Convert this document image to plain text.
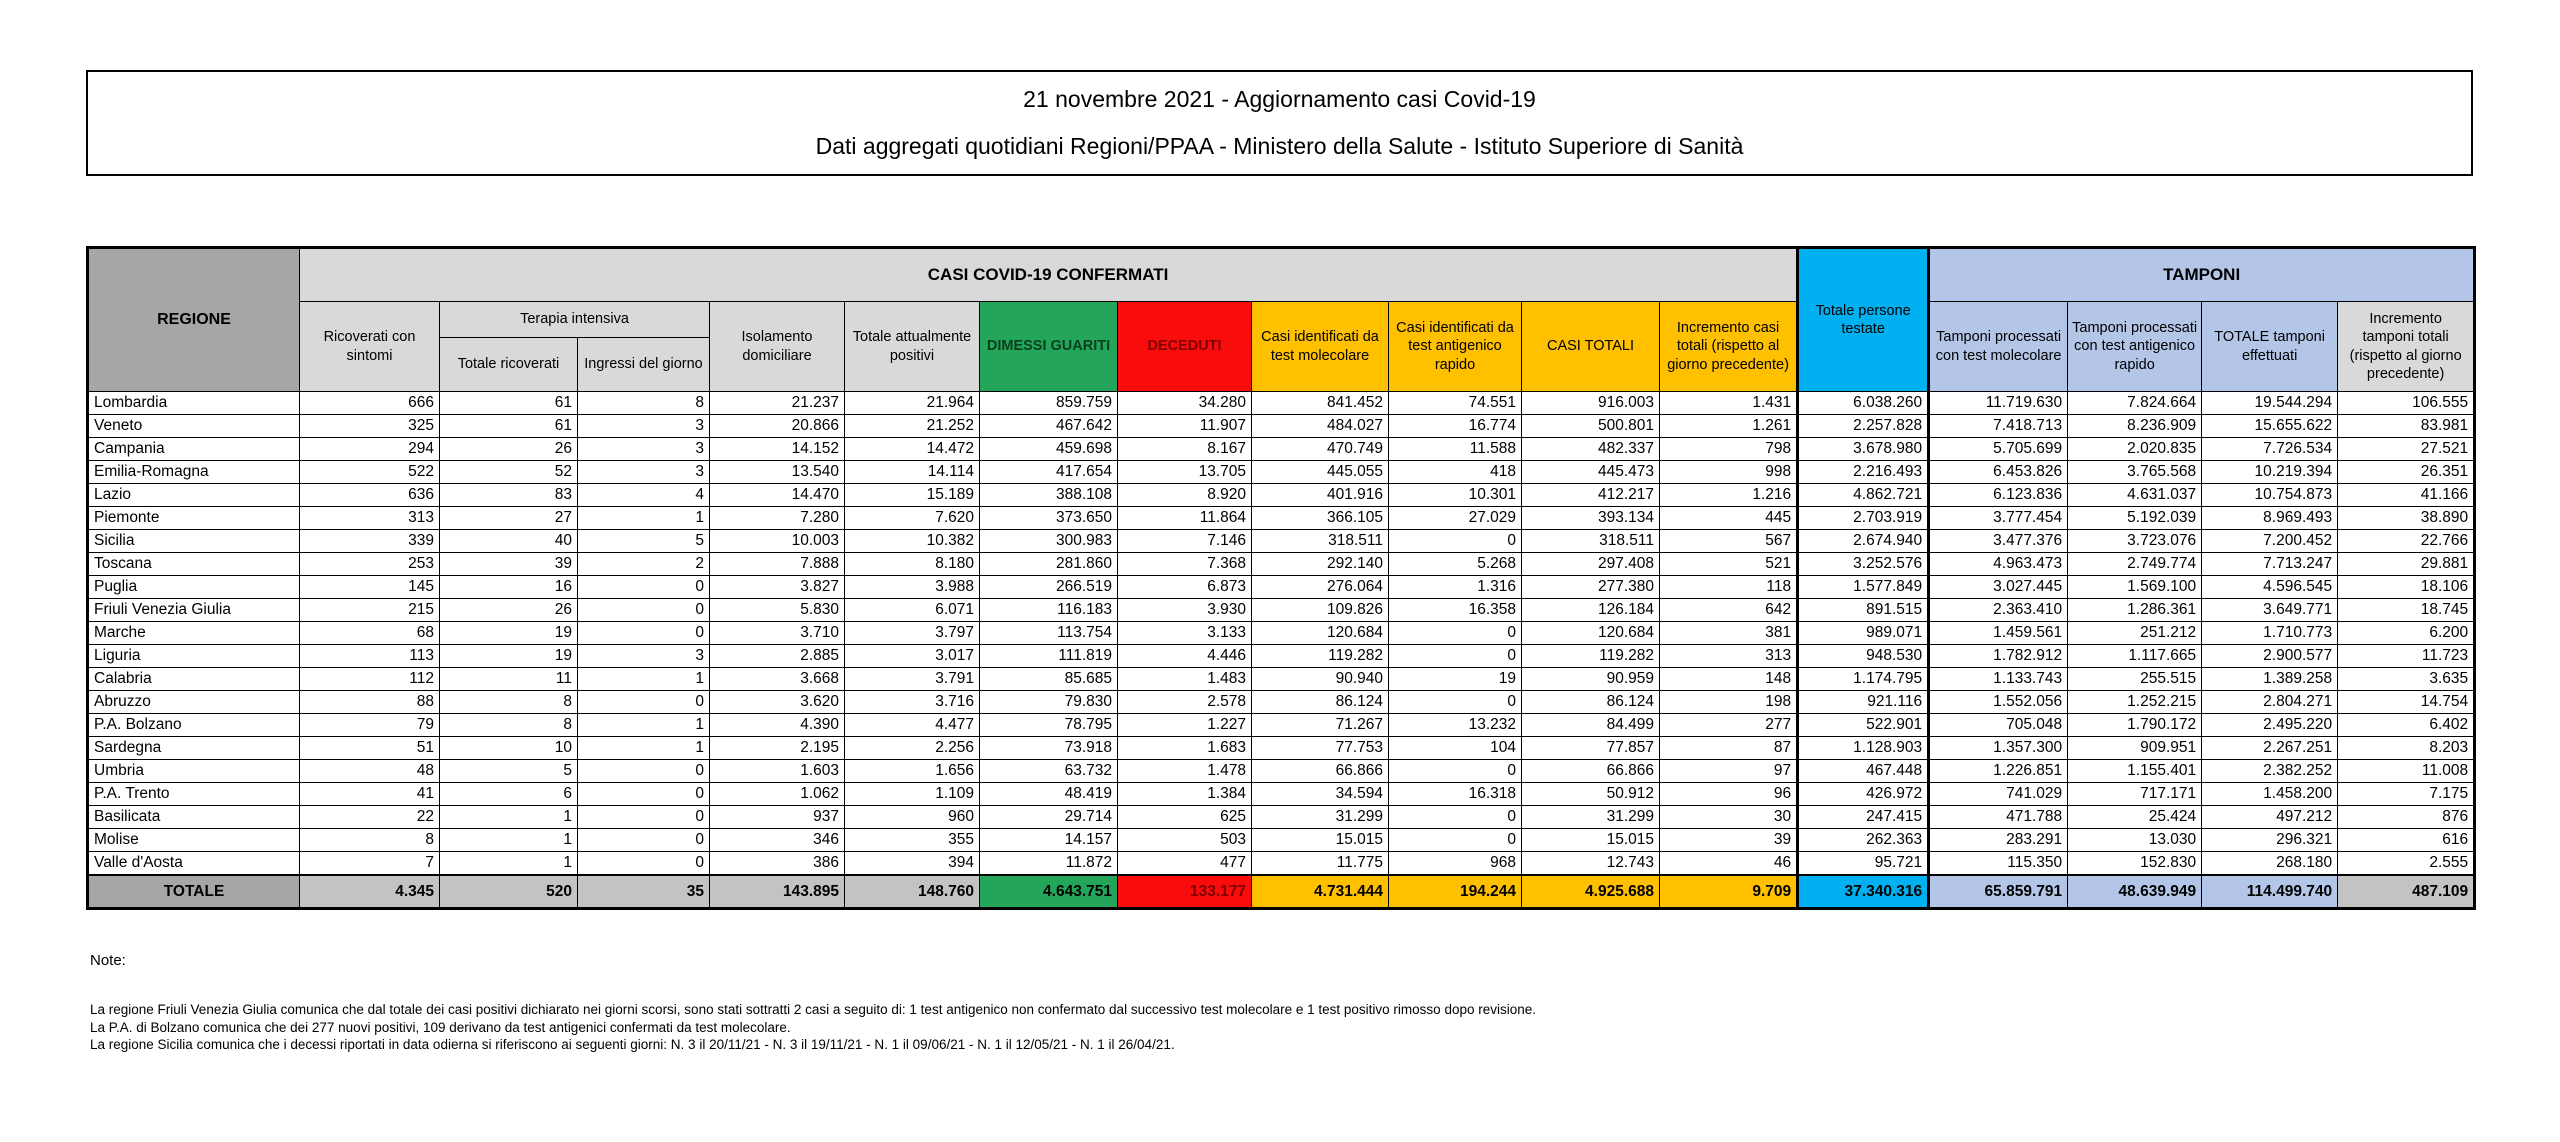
21 novembre 2021 - Aggiornamento casi Covid-19
Dati aggregati quotidiani Regioni/PPAA - Ministero della Salute - Istituto Superiore di Sanità
REGIONE	CASI COVID-19 CONFERMATI											Totale persone testate	TAMPONI			
	Ricoverati con sintomi	Terapia intensiva		Isolamento domiciliare	Totale attualmente positivi	DIMESSI GUARITI	DECEDUTI	Casi identificati da test molecolare	Casi identificati da test antigenico rapido	CASI TOTALI	Incremento casi totali (rispetto al giorno precedente)		Tamponi processati con test molecolare	Tamponi processati con test antigenico rapido	TOTALE tamponi effettuati	Incremento tamponi totali (rispetto al giorno precedente)
		Totale ricoverati	Ingressi del giorno													
Lombardia	666	61	8	21.237	21.964	859.759	34.280	841.452	74.551	916.003	1.431	6.038.260	11.719.630	7.824.664	19.544.294	106.555
Veneto	325	61	3	20.866	21.252	467.642	11.907	484.027	16.774	500.801	1.261	2.257.828	7.418.713	8.236.909	15.655.622	83.981
Campania	294	26	3	14.152	14.472	459.698	8.167	470.749	11.588	482.337	798	3.678.980	5.705.699	2.020.835	7.726.534	27.521
Emilia-Romagna	522	52	3	13.540	14.114	417.654	13.705	445.055	418	445.473	998	2.216.493	6.453.826	3.765.568	10.219.394	26.351
Lazio	636	83	4	14.470	15.189	388.108	8.920	401.916	10.301	412.217	1.216	4.862.721	6.123.836	4.631.037	10.754.873	41.166
Piemonte	313	27	1	7.280	7.620	373.650	11.864	366.105	27.029	393.134	445	2.703.919	3.777.454	5.192.039	8.969.493	38.890
Sicilia	339	40	5	10.003	10.382	300.983	7.146	318.511	0	318.511	567	2.674.940	3.477.376	3.723.076	7.200.452	22.766
Toscana	253	39	2	7.888	8.180	281.860	7.368	292.140	5.268	297.408	521	3.252.576	4.963.473	2.749.774	7.713.247	29.881
Puglia	145	16	0	3.827	3.988	266.519	6.873	276.064	1.316	277.380	118	1.577.849	3.027.445	1.569.100	4.596.545	18.106
Friuli Venezia Giulia	215	26	0	5.830	6.071	116.183	3.930	109.826	16.358	126.184	642	891.515	2.363.410	1.286.361	3.649.771	18.745
Marche	68	19	0	3.710	3.797	113.754	3.133	120.684	0	120.684	381	989.071	1.459.561	251.212	1.710.773	6.200
Liguria	113	19	3	2.885	3.017	111.819	4.446	119.282	0	119.282	313	948.530	1.782.912	1.117.665	2.900.577	11.723
Calabria	112	11	1	3.668	3.791	85.685	1.483	90.940	19	90.959	148	1.174.795	1.133.743	255.515	1.389.258	3.635
Abruzzo	88	8	0	3.620	3.716	79.830	2.578	86.124	0	86.124	198	921.116	1.552.056	1.252.215	2.804.271	14.754
P.A. Bolzano	79	8	1	4.390	4.477	78.795	1.227	71.267	13.232	84.499	277	522.901	705.048	1.790.172	2.495.220	6.402
Sardegna	51	10	1	2.195	2.256	73.918	1.683	77.753	104	77.857	87	1.128.903	1.357.300	909.951	2.267.251	8.203
Umbria	48	5	0	1.603	1.656	63.732	1.478	66.866	0	66.866	97	467.448	1.226.851	1.155.401	2.382.252	11.008
P.A. Trento	41	6	0	1.062	1.109	48.419	1.384	34.594	16.318	50.912	96	426.972	741.029	717.171	1.458.200	7.175
Basilicata	22	1	0	937	960	29.714	625	31.299	0	31.299	30	247.415	471.788	25.424	497.212	876
Molise	8	1	0	346	355	14.157	503	15.015	0	15.015	39	262.363	283.291	13.030	296.321	616
Valle d'Aosta	7	1	0	386	394	11.872	477	11.775	968	12.743	46	95.721	115.350	152.830	268.180	2.555
TOTALE	4.345	520	35	143.895	148.760	4.643.751	133.177	4.731.444	194.244	4.925.688	9.709	37.340.316	65.859.791	48.639.949	114.499.740	487.109
Note:
La regione Friuli Venezia Giulia comunica che dal totale dei casi positivi dichiarato nei giorni scorsi, sono stati sottratti 2 casi a seguito di: 1 test antigenico non confermato dal successivo test molecolare e 1 test positivo rimosso dopo revisione.
La P.A. di Bolzano comunica che dei 277 nuovi positivi, 109 derivano da test antigenici confermati da test molecolare.
La regione Sicilia comunica che i decessi riportati in data odierna si riferiscono ai seguenti giorni: N. 3 il 20/11/21 - N. 3 il 19/11/21 - N. 1 il 09/06/21 - N. 1 il 12/05/21 - N. 1 il 26/04/21.
